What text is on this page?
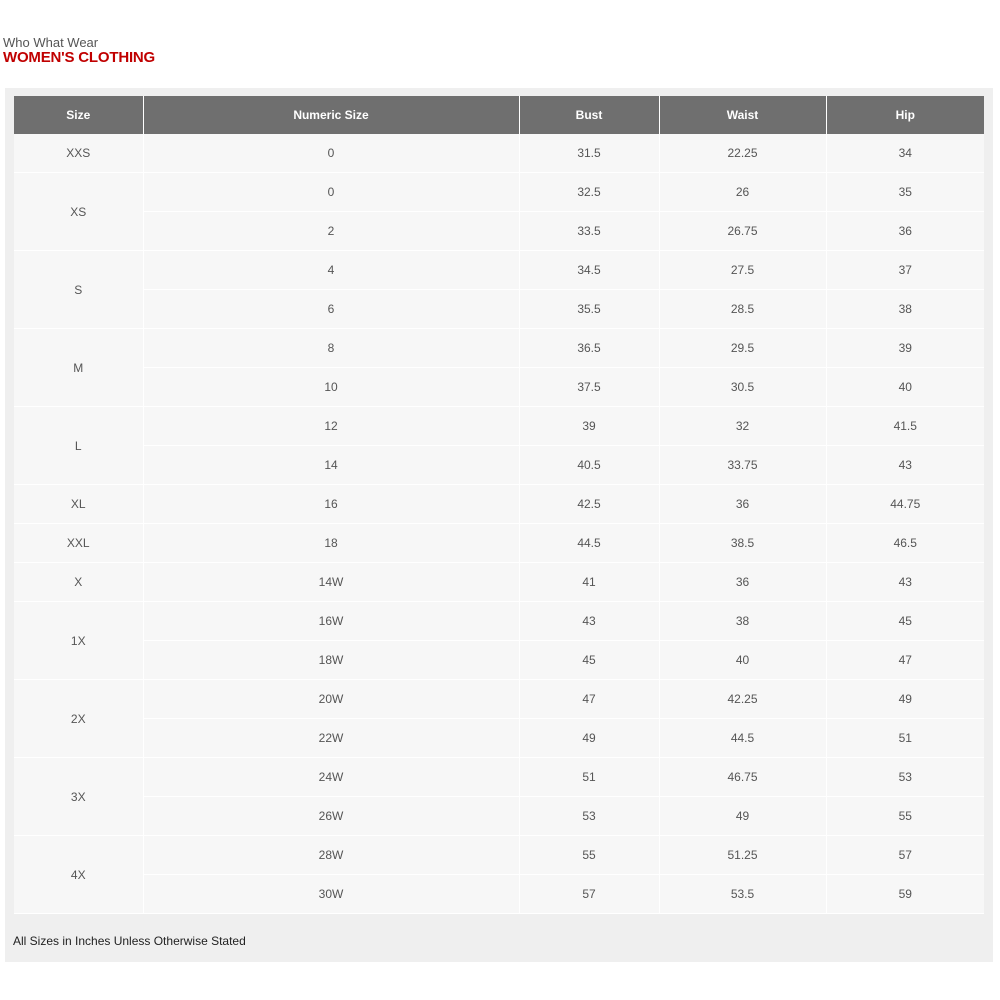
Who What Wear
WOMEN'S CLOTHING
Size	Numeric Size	Bust	Waist	Hip
XXS	0	31.5	22.25	34
XS	0	32.5	26	35
	2	33.5	26.75	36
S	4	34.5	27.5	37
	6	35.5	28.5	38
M	8	36.5	29.5	39
	10	37.5	30.5	40
L	12	39	32	41.5
	14	40.5	33.75	43
XL	16	42.5	36	44.75
XXL	18	44.5	38.5	46.5
X	14W	41	36	43
1X	16W	43	38	45
	18W	45	40	47
2X	20W	47	42.25	49
	22W	49	44.5	51
3X	24W	51	46.75	53
	26W	53	49	55
4X	28W	55	51.25	57
	30W	57	53.5	59
All Sizes in Inches Unless Otherwise Stated
